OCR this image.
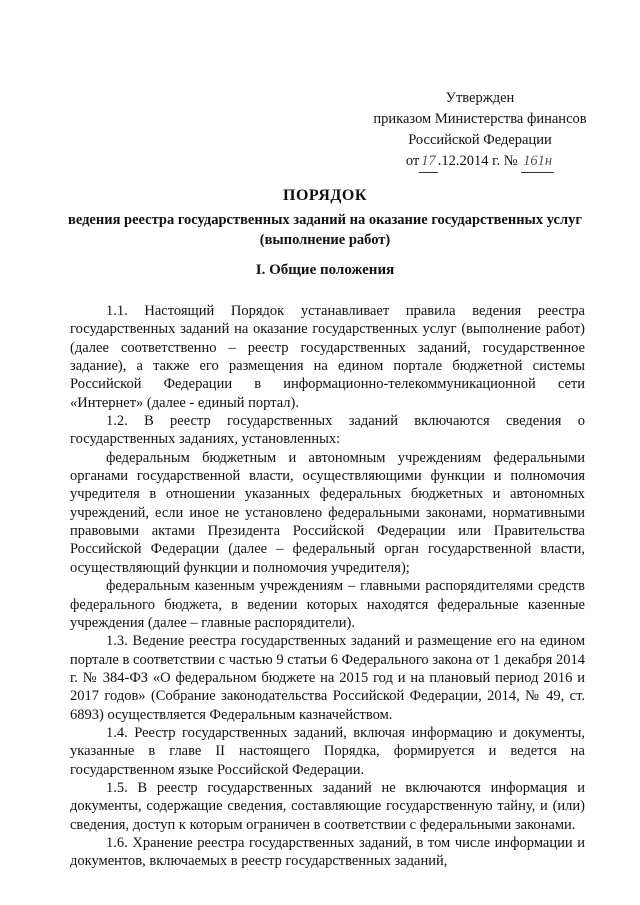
Утвержден
приказом Министерства финансов
Российской Федерации
от 17 .12.2014 г. № 161н
ПОРЯДОК

ведения реестра государственных заданий на оказание государственных услуг (выполнение работ)

I. Общие положения

1.1. Настоящий Порядок устанавливает правила ведения реестра государственных заданий на оказание государственных услуг (выполнение работ) (далее соответственно – реестр государственных заданий, государственное задание), а также его размещения на едином портале бюджетной системы Российской Федерации в информационно-телекоммуникационной сети «Интернет» (далее - единый портал).

1.2. В реестр государственных заданий включаются сведения о государственных заданиях, установленных:

федеральным бюджетным и автономным учреждениям федеральными органами государственной власти, осуществляющими функции и полномочия учредителя в отношении указанных федеральных бюджетных и автономных учреждений, если иное не установлено федеральными законами, нормативными правовыми актами Президента Российской Федерации или Правительства Российской Федерации (далее – федеральный орган государственной власти, осуществляющий функции и полномочия учредителя);

федеральным казенным учреждениям – главными распорядителями средств федерального бюджета, в ведении которых находятся федеральные казенные учреждения (далее – главные распорядители).

1.3. Ведение реестра государственных заданий и размещение его на едином портале в соответствии с частью 9 статьи 6 Федерального закона от 1 декабря 2014 г. № 384-ФЗ «О федеральном бюджете на 2015 год и на плановый период 2016 и 2017 годов» (Собрание законодательства Российской Федерации, 2014, № 49, ст. 6893) осуществляется Федеральным казначейством.

1.4. Реестр государственных заданий, включая информацию и документы, указанные в главе II настоящего Порядка, формируется и ведется на государственном языке Российской Федерации.

1.5. В реестр государственных заданий не включаются информация и документы, содержащие сведения, составляющие государственную тайну, и (или) сведения, доступ к которым ограничен в соответствии с федеральными законами.

1.6. Хранение реестра государственных заданий, в том числе информации и документов, включаемых в реестр государственных заданий,
